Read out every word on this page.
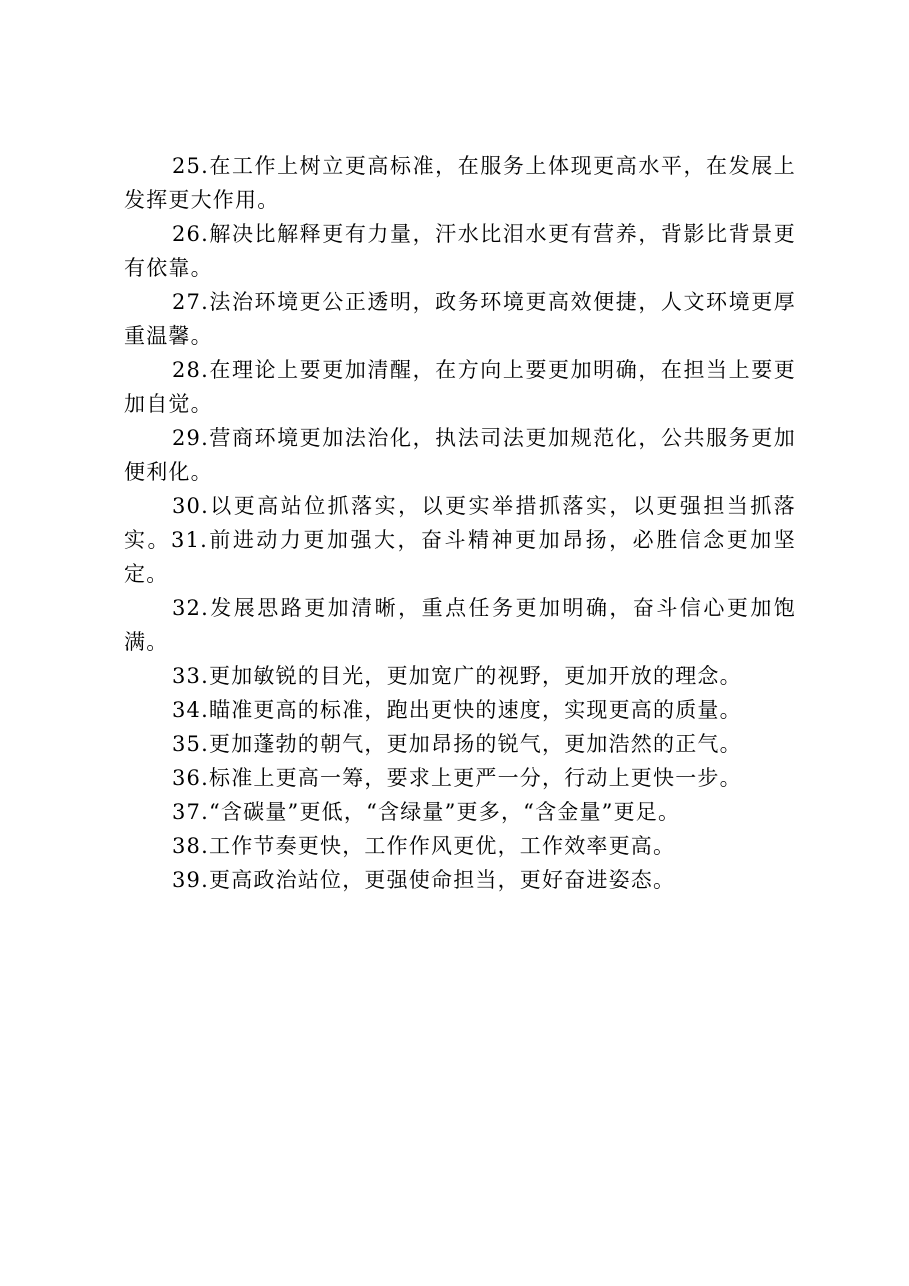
25.在工作上树立更高标准，在服务上体现更高水平，在发展上发挥更大作用。

26.解决比解释更有力量，汗水比泪水更有营养，背影比背景更有依靠。

27.法治环境更公正透明，政务环境更高效便捷，人文环境更厚重温馨。

28.在理论上要更加清醒，在方向上要更加明确，在担当上要更加自觉。

29.营商环境更加法治化，执法司法更加规范化，公共服务更加便利化。

30.以更高站位抓落实，以更实举措抓落实，以更强担当抓落实。31.前进动力更加强大，奋斗精神更加昂扬，必胜信念更加坚定。

32.发展思路更加清晰，重点任务更加明确，奋斗信心更加饱满。

33.更加敏锐的目光，更加宽广的视野，更加开放的理念。

34.瞄准更高的标准，跑出更快的速度，实现更高的质量。

35.更加蓬勃的朝气，更加昂扬的锐气，更加浩然的正气。

36.标准上更高一筹，要求上更严一分，行动上更快一步。

37.“含碳量”更低，“含绿量”更多，“含金量”更足。

38.工作节奏更快，工作作风更优，工作效率更高。

39.更高政治站位，更强使命担当，更好奋进姿态。
